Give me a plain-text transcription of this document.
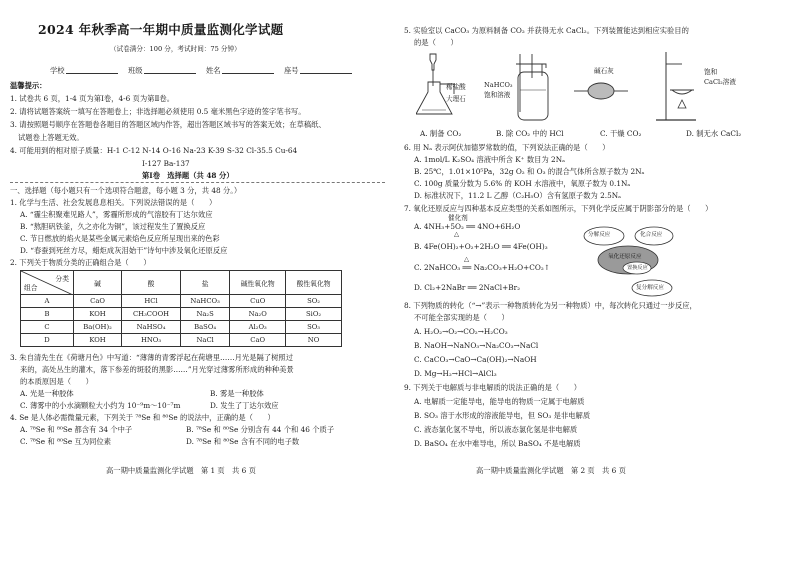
2024 年秋季高一年期中质量监测化学试题
（试卷满分：100 分，考试时间：75 分钟）
学校	班级	姓名	座号
温馨提示：
1. 试卷共 6 页，1-4 页为第Ⅰ卷，4-6 页为第Ⅱ卷。
2. 请将试题答案统一填写在答题卷上；非选择题必须使用 0.5 毫米黑色字迹的签字笔书写。
3. 请按照题号顺序在答题卷各题目的答题区域内作答，超出答题区域书写的答案无效；在草稿纸、
试题卷上答题无效。
4. 可能用到的相对原子质量：H-1 C-12 N-14 O-16 Na-23 K-39 S-32 Cl-35.5 Cu-64
I-127 Ba-137
第Ⅰ卷　选择题（共 48 分）
一、选择题（每小题只有一个选项符合题意，每小题 3 分，共 48 分。）
1. 化学与生活、社会发展息息相关。下列说法错误的是（　　）
A. “霾尘积聚难见路人”，雾霾所形成的气溶胶有丁达尔效应
B. “熬胆矾铁釜，久之亦化为铜”，该过程发生了置换反应
C. 节日燃放的焰火是某些金属元素焰色反应所呈现出来的色彩
D. “春蚕到死丝方尽，蜡炬成灰泪始干”诗句中涉及氧化还原反应
2. 下列关于物质分类的正确组合是（　　）
分类
组合	碱	酸	盐	碱性氧化物	酸性氧化物
A	CaO	HCl	NaHCO₃	CuO	SO₂
B	KOH	CH₃COOH	Na₂S	Na₂O	SiO₂
C	Ba(OH)₂	NaHSO₄	BaSO₄	Al₂O₃	SO₃
D	KOH	HNO₃	NaCl	CaO	NO
3. 朱自清先生在《荷塘月色》中写道：“薄薄的青雾浮起在荷塘里……月光是隔了树照过
来的，高处丛生的灌木，落下参差的斑驳的黑影……”月光穿过薄雾所形成的种种美景
的本质原因是（　　）
A. 光是一种胶体	B. 雾是一种胶体
C. 薄雾中的小水滴颗粒大小约为 10⁻⁹m～10⁻⁷m	D. 发生了丁达尔效应
4. Se 是人体必需微量元素，下列关于 ⁷⁸Se 和 ⁸⁰Se 的说法中，正确的是（　　）
A. ⁷⁸Se 和 ⁸⁰Se 都含有 34 个中子	B. ⁷⁸Se 和 ⁸⁰Se 分别含有 44 个和 46 个质子
C. ⁷⁸Se 和 ⁸⁰Se 互为同位素	D. ⁷⁸Se 和 ⁸⁰Se 含有不同的电子数
高一期中质量监测化学试题　第 1 页　共 6 页
5. 实验室以 CaCO₃ 为原料制备 CO₂ 并获得无水 CaCl₂。下列装置能达到相应实验目的
的是（　　）
稀盐酸
大理石
NaHCO₃
饱和溶液
碱石灰	饱和
CaCl₂溶液
A. 制备 CO₂	B. 除 CO₂ 中的 HCl	C. 干燥 CO₂	D. 制无水 CaCl₂
6. 用 Nₐ 表示阿伏加德罗常数的值，下列说法正确的是（　　）
A. 1mol/L K₂SO₄ 溶液中所含 K⁺ 数目为 2Nₐ
B. 25℃，1.01×10⁵Pa，32g O₂ 和 O₃ 的混合气体所含原子数为 2Nₐ
C. 100g 质量分数为 5.6% 的 KOH 水溶液中，氧原子数为 0.1Nₐ
D. 标准状况下，11.2 L 乙醇（C₂H₅O）含有氢原子数为 2.5Nₐ
7. 氧化还原反应与四种基本反应类型的关系如图所示，下列化学反应属于阴影部分的是（　　）
催化剂
A. 4NH₃+5O₂ ══ 4NO+6H₂O
△
B. 4Fe(OH)₂+O₂+2H₂O ══ 4Fe(OH)₃
△
C. 2NaHCO₃ ══ Na₂CO₃+H₂O+CO₂↑
D. Cl₂+2NaBr ══ 2NaCl+Br₂
分解反应	化合反应
氧化还原反应
置换反应
复分解反应
8. 下列物质的转化（“→”表示一种物质转化为另一种物质）中，每次转化只通过一步反应，
不可能全部实现的是（　　）
A. H₂O₂→O₂→CO₂→H₂CO₃
B. NaOH→NaNO₃→Na₂CO₃→NaCl
C. CaCO₃→CaO→Ca(OH)₂→NaOH
D. Mg→H₂→HCl→AlCl₃
9. 下列关于电解质与非电解质的说法正确的是（　　）
A. 电解质一定能导电，能导电的物质一定属于电解质
B. SO₃ 溶于水形成的溶液能导电，但 SO₃ 是非电解质
C. 液态氯化氢不导电，所以液态氯化氢是非电解质
D. BaSO₄ 在水中难导电，所以 BaSO₄ 不是电解质
高一期中质量监测化学试题　第 2 页　共 6 页
